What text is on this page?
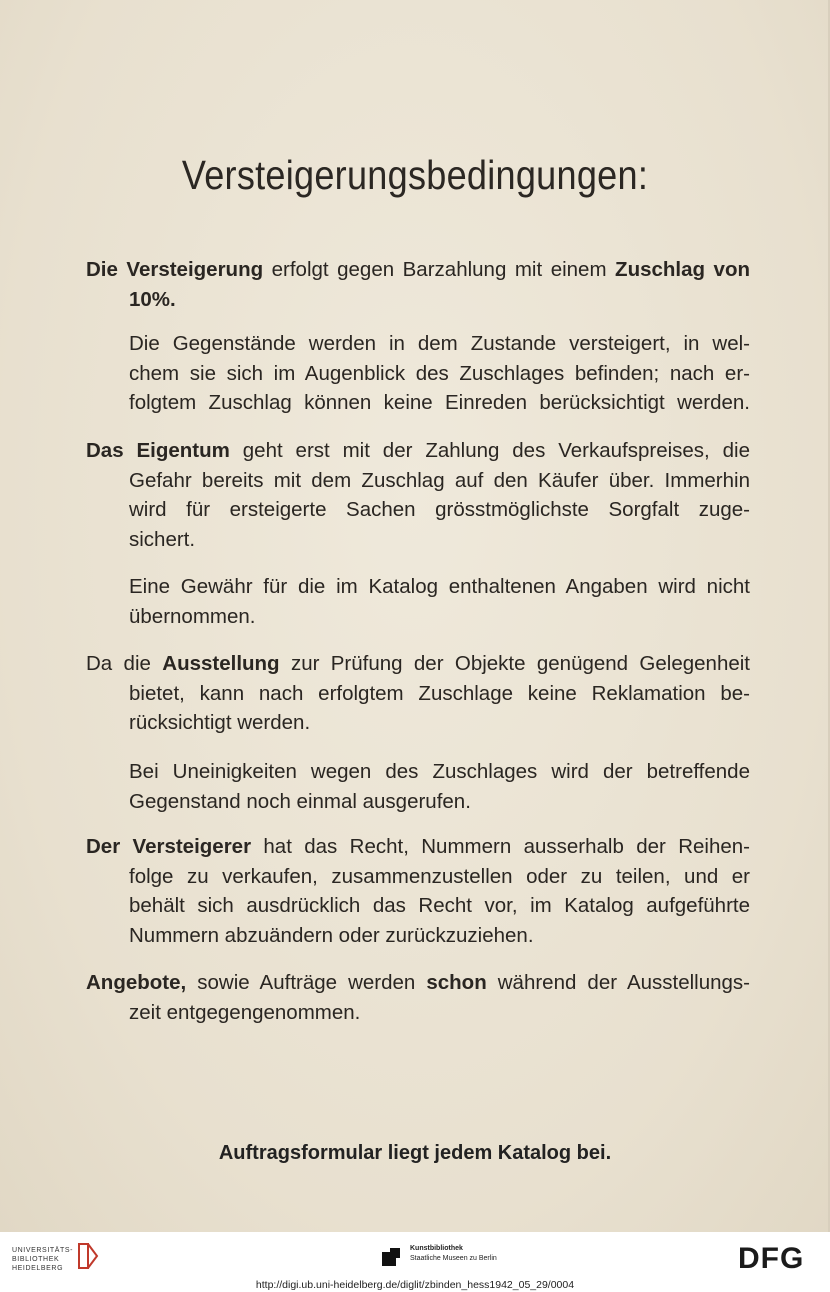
Versteigerungsbedingungen:
Die Versteigerung erfolgt gegen Barzahlung mit einem Zuschlag von
10%.
Die Gegenstände werden in dem Zustande versteigert, in wel-
chem sie sich im Augenblick des Zuschlages befinden; nach er-
folgtem Zuschlag können keine Einreden berücksichtigt werden.
Das Eigentum geht erst mit der Zahlung des Verkaufspreises, die
Gefahr bereits mit dem Zuschlag auf den Käufer über. Immerhin
wird für ersteigerte Sachen grösstmöglichste Sorgfalt zuge-
sichert.
Eine Gewähr für die im Katalog enthaltenen Angaben wird nicht
übernommen.
Da die Ausstellung zur Prüfung der Objekte genügend Gelegenheit
bietet, kann nach erfolgtem Zuschlage keine Reklamation be-
rücksichtigt werden.
Bei Uneinigkeiten wegen des Zuschlages wird der betreffende
Gegenstand noch einmal ausgerufen.
Der Versteigerer hat das Recht, Nummern ausserhalb der Reihen-
folge zu verkaufen, zusammenzustellen oder zu teilen, und er
behält sich ausdrücklich das Recht vor, im Katalog aufgeführte
Nummern abzuändern oder zurückzuziehen.
Angebote, sowie Aufträge werden schon während der Ausstellungs-
zeit entgegengenommen.
Auftragsformular liegt jedem Katalog bei.
UNIVERSITÄTS-
BIBLIOTHEK
HEIDELBERG
Kunstbibliothek
Staatliche Museen zu Berlin	DFG
http://digi.ub.uni-heidelberg.de/diglit/zbinden_hess1942_05_29/0004
